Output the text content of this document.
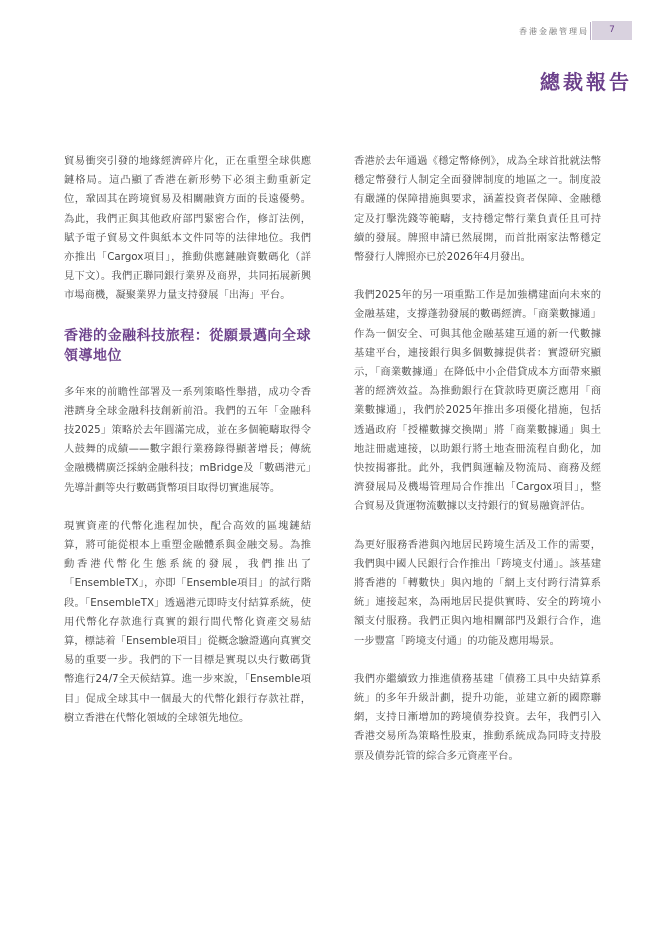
香港金融管理局	7
總裁報告

貿易衝突引發的地緣經濟碎片化，正在重塑全球供應鏈格局。這凸顯了香港在新形勢下必須主動重新定位，鞏固其在跨境貿易及相關融資方面的長遠優勢。為此，我們正與其他政府部門緊密合作，修訂法例，賦予電子貿易文件與紙本文件同等的法律地位。我們亦推出「Cargox項目」，推動供應鏈融資數碼化（詳見下文）。我們正聯同銀行業界及商界，共同拓展新興市場商機，凝聚業界力量支持發展「出海」平台。

香港的金融科技旅程：從願景邁向全球領導地位

多年來的前瞻性部署及一系列策略性舉措，成功令香港躋身全球金融科技創新前沿。我們的五年「金融科技2025」策略於去年圓滿完成，並在多個範疇取得令人鼓舞的成績——數字銀行業務錄得顯著增長；傳統金融機構廣泛採納金融科技；mBridge及「數碼港元」先導計劃等央行數碼貨幣項目取得切實進展等。

現實資產的代幣化進程加快，配合高效的區塊鏈結算，將可能從根本上重塑金融體系與金融交易。為推動香港代幣化生態系統的發展，我們推出了「EnsembleTX」，亦即「Ensemble項目」的試行階段。「EnsembleTX」透過港元即時支付結算系統，使用代幣化存款進行真實的銀行間代幣化資產交易結算，標誌着「Ensemble項目」從概念驗證邁向真實交易的重要一步。我們的下一目標是實現以央行數碼貨幣進行24/7全天候結算。進一步來說，「Ensemble項目」促成全球其中一個最大的代幣化銀行存款社群，樹立香港在代幣化領域的全球領先地位。

香港於去年通過《穩定幣條例》，成為全球首批就法幣穩定幣發行人制定全面發牌制度的地區之一。制度設有嚴謹的保障措施與要求，涵蓋投資者保障、金融穩定及打擊洗錢等範疇，支持穩定幣行業負責任且可持續的發展。牌照申請已然展開，而首批兩家法幣穩定幣發行人牌照亦已於2026年4月發出。

我們2025年的另一項重點工作是加強構建面向未來的金融基建，支撐蓬勃發展的數碼經濟。「商業數據通」作為一個安全、可與其他金融基建互通的新一代數據基建平台，連接銀行與多個數據提供者：實證研究顯示，「商業數據通」在降低中小企借貸成本方面帶來顯著的經濟效益。為推動銀行在貸款時更廣泛應用「商業數據通」，我們於2025年推出多項優化措施，包括透過政府「授權數據交換閘」將「商業數據通」與土地註冊處連接，以助銀行將土地查冊流程自動化，加快按揭審批。此外，我們與運輸及物流局、商務及經濟發展局及機場管理局合作推出「Cargox項目」，整合貿易及貨運物流數據以支持銀行的貿易融資評估。

為更好服務香港與內地居民跨境生活及工作的需要，我們與中國人民銀行合作推出「跨境支付通」。該基建將香港的「轉數快」與內地的「網上支付跨行清算系統」連接起來，為兩地居民提供實時、安全的跨境小額支付服務。我們正與內地相關部門及銀行合作，進一步豐富「跨境支付通」的功能及應用場景。

我們亦繼續致力推進債務基建「債務工具中央結算系統」的多年升級計劃，提升功能，並建立新的國際聯網，支持日漸增加的跨境債券投資。去年，我們引入香港交易所為策略性股東，推動系統成為同時支持股票及債券託管的綜合多元資產平台。
